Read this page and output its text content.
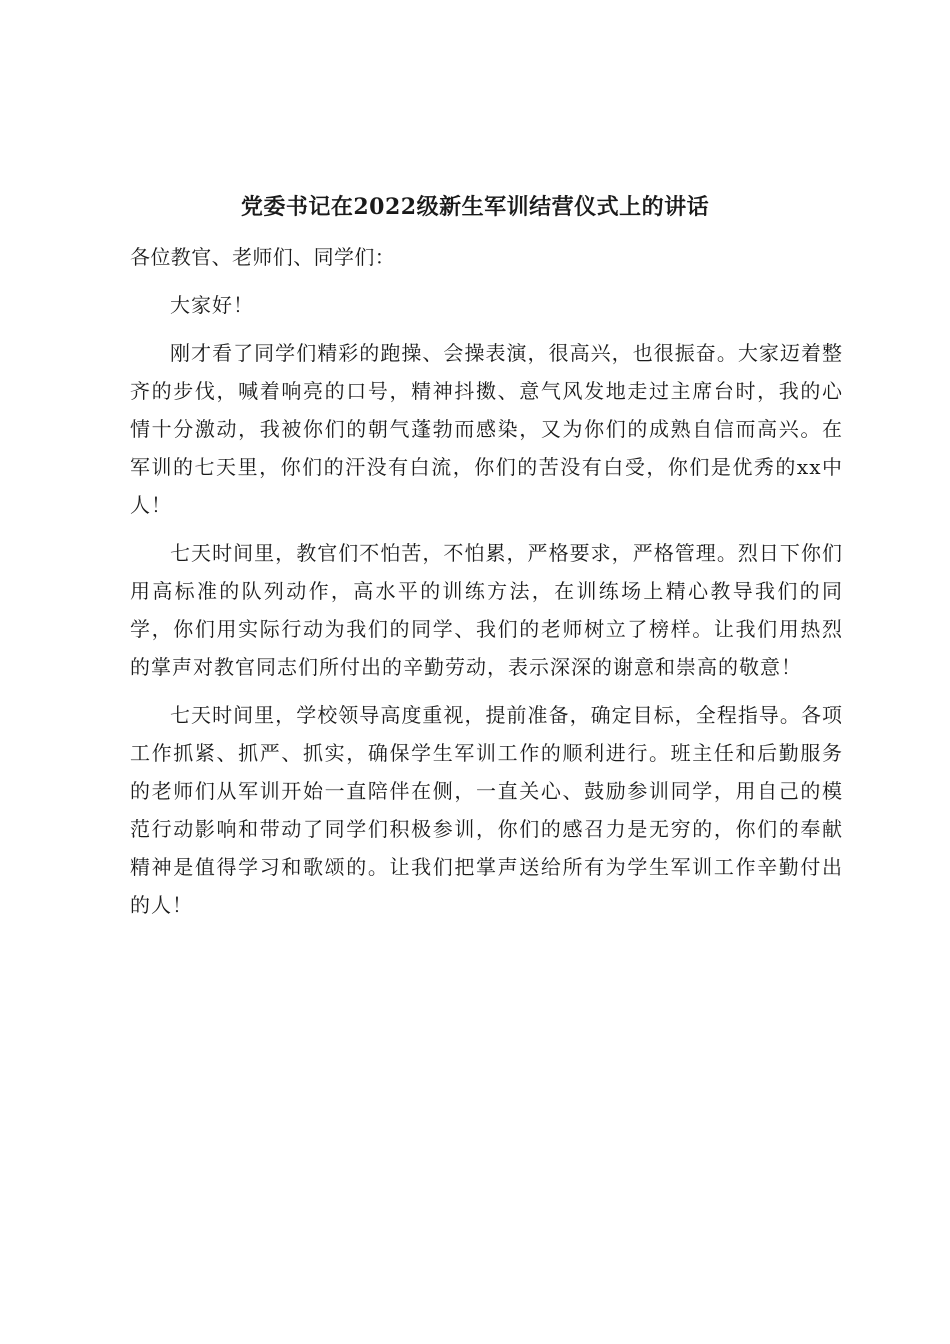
党委书记在2022级新生军训结营仪式上的讲话

各位教官、老师们、同学们：

大家好！

刚才看了同学们精彩的跑操、会操表演，很高兴，也很振奋。大家迈着整齐的步伐，喊着响亮的口号，精神抖擞、意气风发地走过主席台时，我的心情十分激动，我被你们的朝气蓬勃而感染，又为你们的成熟自信而高兴。在军训的七天里，你们的汗没有白流，你们的苦没有白受，你们是优秀的xx中人！

七天时间里，教官们不怕苦，不怕累，严格要求，严格管理。烈日下你们用高标准的队列动作，高水平的训练方法，在训练场上精心教导我们的同学，你们用实际行动为我们的同学、我们的老师树立了榜样。让我们用热烈的掌声对教官同志们所付出的辛勤劳动，表示深深的谢意和崇高的敬意！

七天时间里，学校领导高度重视，提前准备，确定目标，全程指导。各项工作抓紧、抓严、抓实，确保学生军训工作的顺利进行。班主任和后勤服务的老师们从军训开始一直陪伴在侧，一直关心、鼓励参训同学，用自己的模范行动影响和带动了同学们积极参训，你们的感召力是无穷的，你们的奉献精神是值得学习和歌颂的。让我们把掌声送给所有为学生军训工作辛勤付出的人！
